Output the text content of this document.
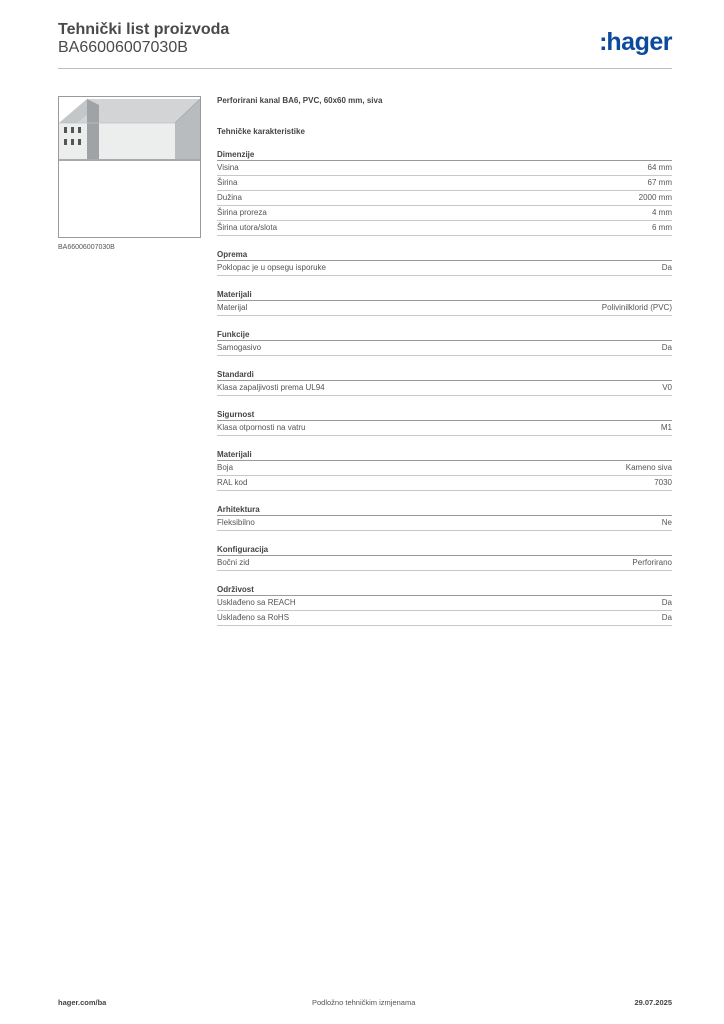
Tehnički list proizvoda
BA66006007030B	:hager
BA66006007030B
Perforirani kanal BA6, PVC, 60x60 mm, siva
Tehničke karakteristike
Dimenzije
Visina	64 mm
Širina	67 mm
Dužina	2000 mm
Širina proreza	4 mm
Širina utora/slota	6 mm
Oprema
Poklopac je u opsegu isporuke	Da
Materijali
Materijal	Polivinilklorid (PVC)
Funkcije
Samogasivo	Da
Standardi
Klasa zapaljivosti prema UL94	V0
Sigurnost
Klasa otpornosti na vatru	M1
Materijali
Boja	Kameno siva
RAL kod	7030
Arhitektura
Fleksibilno	Ne
Konfiguracija
Bočni zid	Perforirano
Održivost
Usklađeno sa REACH	Da
Usklađeno sa RoHS	Da
hager.com/ba	Podložno tehničkim izmjenama	29.07.2025
